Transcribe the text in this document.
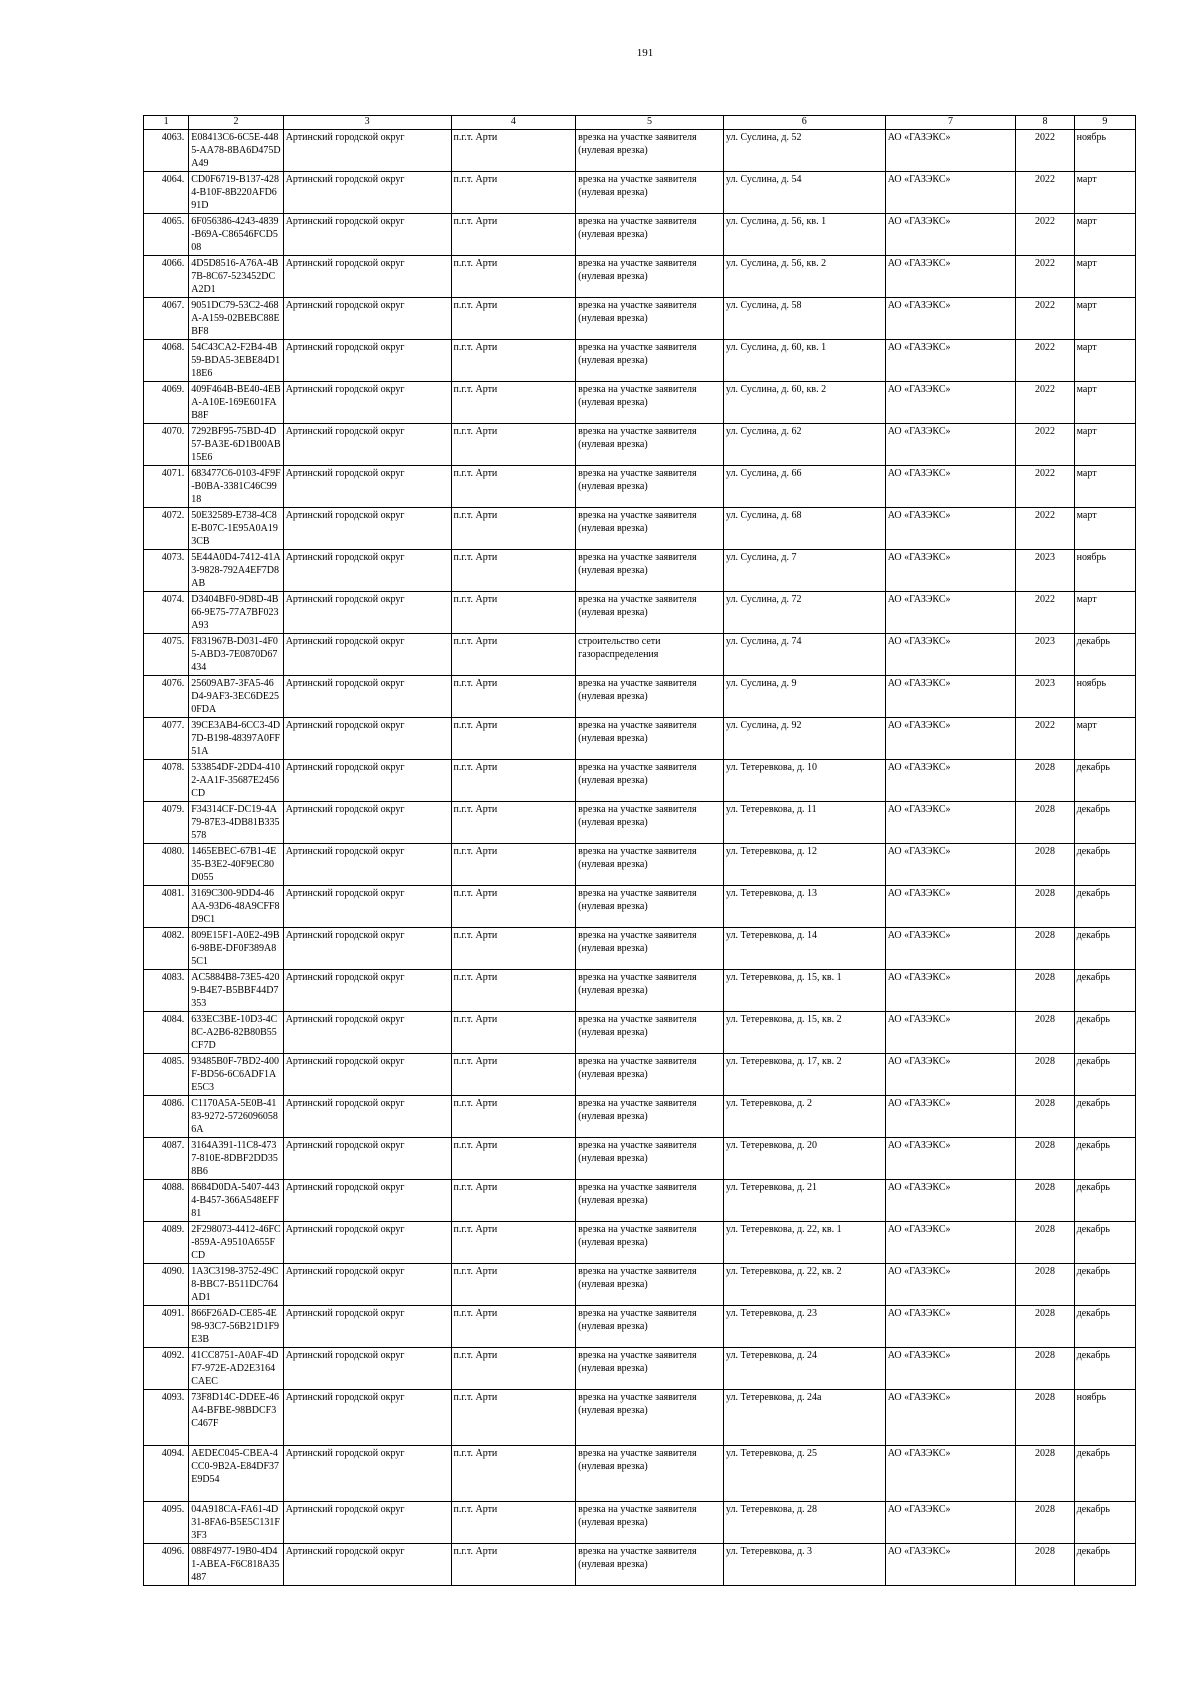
191
1	2	3	4	5	6	7	8	9
4063.	E08413C6-6C5E-4485-AA78-8BA6D475DA49	Артинский городской округ	п.г.т. Арти	врезка на участке заявителя (нулевая врезка)	ул. Суслина, д. 52	АО «ГАЗЭКС»	2022	ноябрь
4064.	CD0F6719-B137-4284-B10F-8B220AFD691D	Артинский городской округ	п.г.т. Арти	врезка на участке заявителя (нулевая врезка)	ул. Суслина, д. 54	АО «ГАЗЭКС»	2022	март
4065.	6F056386-4243-4839-B69A-C86546FCD508	Артинский городской округ	п.г.т. Арти	врезка на участке заявителя (нулевая врезка)	ул. Суслина, д. 56, кв. 1	АО «ГАЗЭКС»	2022	март
4066.	4D5D8516-A76A-4B7B-8C67-523452DCA2D1	Артинский городской округ	п.г.т. Арти	врезка на участке заявителя (нулевая врезка)	ул. Суслина, д. 56, кв. 2	АО «ГАЗЭКС»	2022	март
4067.	9051DC79-53C2-468A-A159-02BEBC88EBF8	Артинский городской округ	п.г.т. Арти	врезка на участке заявителя (нулевая врезка)	ул. Суслина, д. 58	АО «ГАЗЭКС»	2022	март
4068.	54C43CA2-F2B4-4B59-BDA5-3EBE84D118E6	Артинский городской округ	п.г.т. Арти	врезка на участке заявителя (нулевая врезка)	ул. Суслина, д. 60, кв. 1	АО «ГАЗЭКС»	2022	март
4069.	409F464B-BE40-4EBA-A10E-169E601FAB8F	Артинский городской округ	п.г.т. Арти	врезка на участке заявителя (нулевая врезка)	ул. Суслина, д. 60, кв. 2	АО «ГАЗЭКС»	2022	март
4070.	7292BF95-75BD-4D57-BA3E-6D1B00AB15E6	Артинский городской округ	п.г.т. Арти	врезка на участке заявителя (нулевая врезка)	ул. Суслина, д. 62	АО «ГАЗЭКС»	2022	март
4071.	683477C6-0103-4F9F-B0BA-3381C46C9918	Артинский городской округ	п.г.т. Арти	врезка на участке заявителя (нулевая врезка)	ул. Суслина, д. 66	АО «ГАЗЭКС»	2022	март
4072.	50E32589-E738-4C8E-B07C-1E95A0A193CB	Артинский городской округ	п.г.т. Арти	врезка на участке заявителя (нулевая врезка)	ул. Суслина, д. 68	АО «ГАЗЭКС»	2022	март
4073.	5E44A0D4-7412-41A3-9828-792A4EF7D8AB	Артинский городской округ	п.г.т. Арти	врезка на участке заявителя (нулевая врезка)	ул. Суслина, д. 7	АО «ГАЗЭКС»	2023	ноябрь
4074.	D3404BF0-9D8D-4B66-9E75-77A7BF023A93	Артинский городской округ	п.г.т. Арти	врезка на участке заявителя (нулевая врезка)	ул. Суслина, д. 72	АО «ГАЗЭКС»	2022	март
4075.	F831967B-D031-4F05-ABD3-7E0870D67434	Артинский городской округ	п.г.т. Арти	строительство сети газораспределения	ул. Суслина, д. 74	АО «ГАЗЭКС»	2023	декабрь
4076.	25609AB7-3FA5-46D4-9AF3-3EC6DE250FDA	Артинский городской округ	п.г.т. Арти	врезка на участке заявителя (нулевая врезка)	ул. Суслина, д. 9	АО «ГАЗЭКС»	2023	ноябрь
4077.	39CE3AB4-6CC3-4D7D-B198-48397A0FF51A	Артинский городской округ	п.г.т. Арти	врезка на участке заявителя (нулевая врезка)	ул. Суслина, д. 92	АО «ГАЗЭКС»	2022	март
4078.	533854DF-2DD4-4102-AA1F-35687E2456CD	Артинский городской округ	п.г.т. Арти	врезка на участке заявителя (нулевая врезка)	ул. Тетеревкова, д. 10	АО «ГАЗЭКС»	2028	декабрь
4079.	F34314CF-DC19-4A79-87E3-4DB81B335578	Артинский городской округ	п.г.т. Арти	врезка на участке заявителя (нулевая врезка)	ул. Тетеревкова, д. 11	АО «ГАЗЭКС»	2028	декабрь
4080.	1465EBEC-67B1-4E35-B3E2-40F9EC80D055	Артинский городской округ	п.г.т. Арти	врезка на участке заявителя (нулевая врезка)	ул. Тетеревкова, д. 12	АО «ГАЗЭКС»	2028	декабрь
4081.	3169C300-9DD4-46AA-93D6-48A9CFF8D9C1	Артинский городской округ	п.г.т. Арти	врезка на участке заявителя (нулевая врезка)	ул. Тетеревкова, д. 13	АО «ГАЗЭКС»	2028	декабрь
4082.	809E15F1-A0E2-49B6-98BE-DF0F389A85C1	Артинский городской округ	п.г.т. Арти	врезка на участке заявителя (нулевая врезка)	ул. Тетеревкова, д. 14	АО «ГАЗЭКС»	2028	декабрь
4083.	AC5884B8-73E5-4209-B4E7-B5BBF44D7353	Артинский городской округ	п.г.т. Арти	врезка на участке заявителя (нулевая врезка)	ул. Тетеревкова, д. 15, кв. 1	АО «ГАЗЭКС»	2028	декабрь
4084.	633EC3BE-10D3-4C8C-A2B6-82B80B55CF7D	Артинский городской округ	п.г.т. Арти	врезка на участке заявителя (нулевая врезка)	ул. Тетеревкова, д. 15, кв. 2	АО «ГАЗЭКС»	2028	декабрь
4085.	93485B0F-7BD2-400F-BD56-6C6ADF1AE5C3	Артинский городской округ	п.г.т. Арти	врезка на участке заявителя (нулевая врезка)	ул. Тетеревкова, д. 17, кв. 2	АО «ГАЗЭКС»	2028	декабрь
4086.	C1170A5A-5E0B-4183-9272-57260960586A	Артинский городской округ	п.г.т. Арти	врезка на участке заявителя (нулевая врезка)	ул. Тетеревкова, д. 2	АО «ГАЗЭКС»	2028	декабрь
4087.	3164A391-11C8-4737-810E-8DBF2DD358B6	Артинский городской округ	п.г.т. Арти	врезка на участке заявителя (нулевая врезка)	ул. Тетеревкова, д. 20	АО «ГАЗЭКС»	2028	декабрь
4088.	8684D0DA-5407-4434-B457-366A548EFF81	Артинский городской округ	п.г.т. Арти	врезка на участке заявителя (нулевая врезка)	ул. Тетеревкова, д. 21	АО «ГАЗЭКС»	2028	декабрь
4089.	2F298073-4412-46FC-859A-A9510A655FCD	Артинский городской округ	п.г.т. Арти	врезка на участке заявителя (нулевая врезка)	ул. Тетеревкова, д. 22, кв. 1	АО «ГАЗЭКС»	2028	декабрь
4090.	1A3C3198-3752-49C8-BBC7-B511DC764AD1	Артинский городской округ	п.г.т. Арти	врезка на участке заявителя (нулевая врезка)	ул. Тетеревкова, д. 22, кв. 2	АО «ГАЗЭКС»	2028	декабрь
4091.	866F26AD-CE85-4E98-93C7-56B21D1F9E3B	Артинский городской округ	п.г.т. Арти	врезка на участке заявителя (нулевая врезка)	ул. Тетеревкова, д. 23	АО «ГАЗЭКС»	2028	декабрь
4092.	41CC8751-A0AF-4DF7-972E-AD2E3164CAEC	Артинский городской округ	п.г.т. Арти	врезка на участке заявителя (нулевая врезка)	ул. Тетеревкова, д. 24	АО «ГАЗЭКС»	2028	декабрь
4093.	73F8D14C-DDEE-46A4-BFBE-98BDCF3C467F	Артинский городской округ	п.г.т. Арти	врезка на участке заявителя (нулевая врезка)	ул. Тетеревкова, д. 24а	АО «ГАЗЭКС»	2028	ноябрь
4094.	AEDEC045-CBEA-4CC0-9B2A-E84DF37E9D54	Артинский городской округ	п.г.т. Арти	врезка на участке заявителя (нулевая врезка)	ул. Тетеревкова, д. 25	АО «ГАЗЭКС»	2028	декабрь
4095.	04A918CA-FA61-4D31-8FA6-B5E5C131F3F3	Артинский городской округ	п.г.т. Арти	врезка на участке заявителя (нулевая врезка)	ул. Тетеревкова, д. 28	АО «ГАЗЭКС»	2028	декабрь
4096.	088F4977-19B0-4D41-ABEA-F6C818A35487	Артинский городской округ	п.г.т. Арти	врезка на участке заявителя (нулевая врезка)	ул. Тетеревкова, д. 3	АО «ГАЗЭКС»	2028	декабрь
